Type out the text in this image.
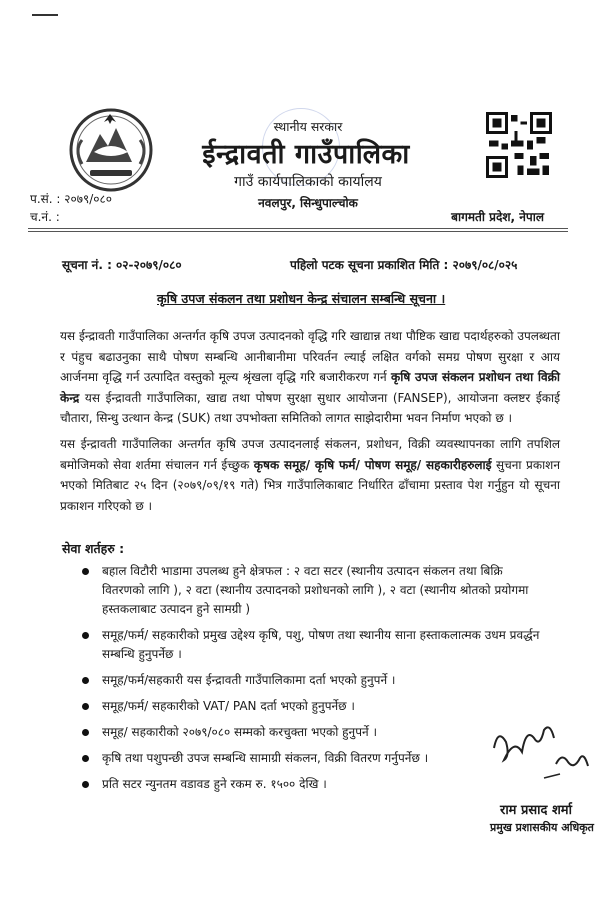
स्थानीय सरकार
ईन्द्रावती गाउँपालिका
गाउँ कार्यपालिकाको कार्यालय
नवलपुर, सिन्धुपाल्चोक
प.सं. : २०७९/०८०
च.नं. :	बागमती प्रदेश, नेपाल
सूचना नं. : ०२-२०७९/०८०	पहिलो पटक सूचना प्रकाशित मिति : २०७९/०८/०२५
कृषि उपज संकलन तथा प्रशोधन केन्द्र संचालन सम्बन्धि सूचना ।
यस ईन्द्रावती गाउँपालिका अन्तर्गत कृषि उपज उत्पादनको वृद्धि गरि खाद्यान्न तथा पौष्टिक खाद्य पदार्थहरुको उपलब्धता र पंहुच बढाउनुका साथै पोषण सम्बन्धि आनीबानीमा परिवर्तन ल्याई लक्षित वर्गको समग्र पोषण सुरक्षा र आय आर्जनमा वृद्धि गर्न उत्पादित वस्तुको मूल्य श्रृंखला वृद्धि गरि बजारीकरण गर्न कृषि उपज संकलन प्रशोधन तथा विक्री केन्द्र यस ईन्द्रावती गाउँपालिका, खाद्य तथा पोषण सुरक्षा सुधार आयोजना (FANSEP), आयोजना क्लष्टर ईकाई चौतारा, सिन्धु उत्थान केन्द्र (SUK) तथा उपभोक्ता समितिको लागत साझेदारीमा भवन निर्माण भएको छ ।
यस ईन्द्रावती गाउँपालिका अन्तर्गत कृषि उपज उत्पादनलाई संकलन, प्रशोधन, विक्री व्यवस्थापनका लागि तपशिल बमोजिमको सेवा शर्तमा संचालन गर्न ईच्छुक कृषक समूह/ कृषि फर्म/ पोषण समूह/ सहकारीहरुलाई सुचना प्रकाशन भएको मितिबाट २५ दिन (२०७९/०९/१९ गते) भित्र गाउँपालिकाबाट निर्धारित ढाँचामा प्रस्ताव पेश गर्नुहुन यो सूचना प्रकाशन गरिएको छ ।
सेवा शर्तहरु :
बहाल विटौरी भाडामा उपलब्ध हुने क्षेत्रफल : २ वटा सटर (स्थानीय उत्पादन संकलन तथा बिक्रि वितरणको लागि ), २ वटा (स्थानीय उत्पादनको प्रशोधनको लागि ), २ वटा (स्थानीय श्रोतको प्रयोगमा हस्तकलाबाट उत्पादन हुने सामग्री )
समूह/फर्म/ सहकारीको प्रमुख उद्देश्य कृषि, पशु, पोषण तथा स्थानीय साना हस्ताकलात्मक उधम प्रवर्द्धन सम्बन्धि हुनुपर्नेछ ।
समूह/फर्म/सहकारी यस ईन्द्रावती गाउँपालिकामा दर्ता भएको हुनुपर्ने ।
समूह/फर्म/ सहकारीको VAT/ PAN दर्ता भएको हुनुपर्नेछ ।
समूह/ सहकारीको २०७९/०८० सम्मको करचुक्ता भएको हुनुपर्ने ।
कृषि तथा पशुपन्छी उपज सम्बन्धि सामाग्री संकलन, विक्री वितरण गर्नुपर्नेछ ।
प्रति सटर न्युनतम वडावड हुने रकम रु. १५०० देखि ।
राम प्रसाद शर्मा
प्रमुख प्रशासकीय अधिकृत
